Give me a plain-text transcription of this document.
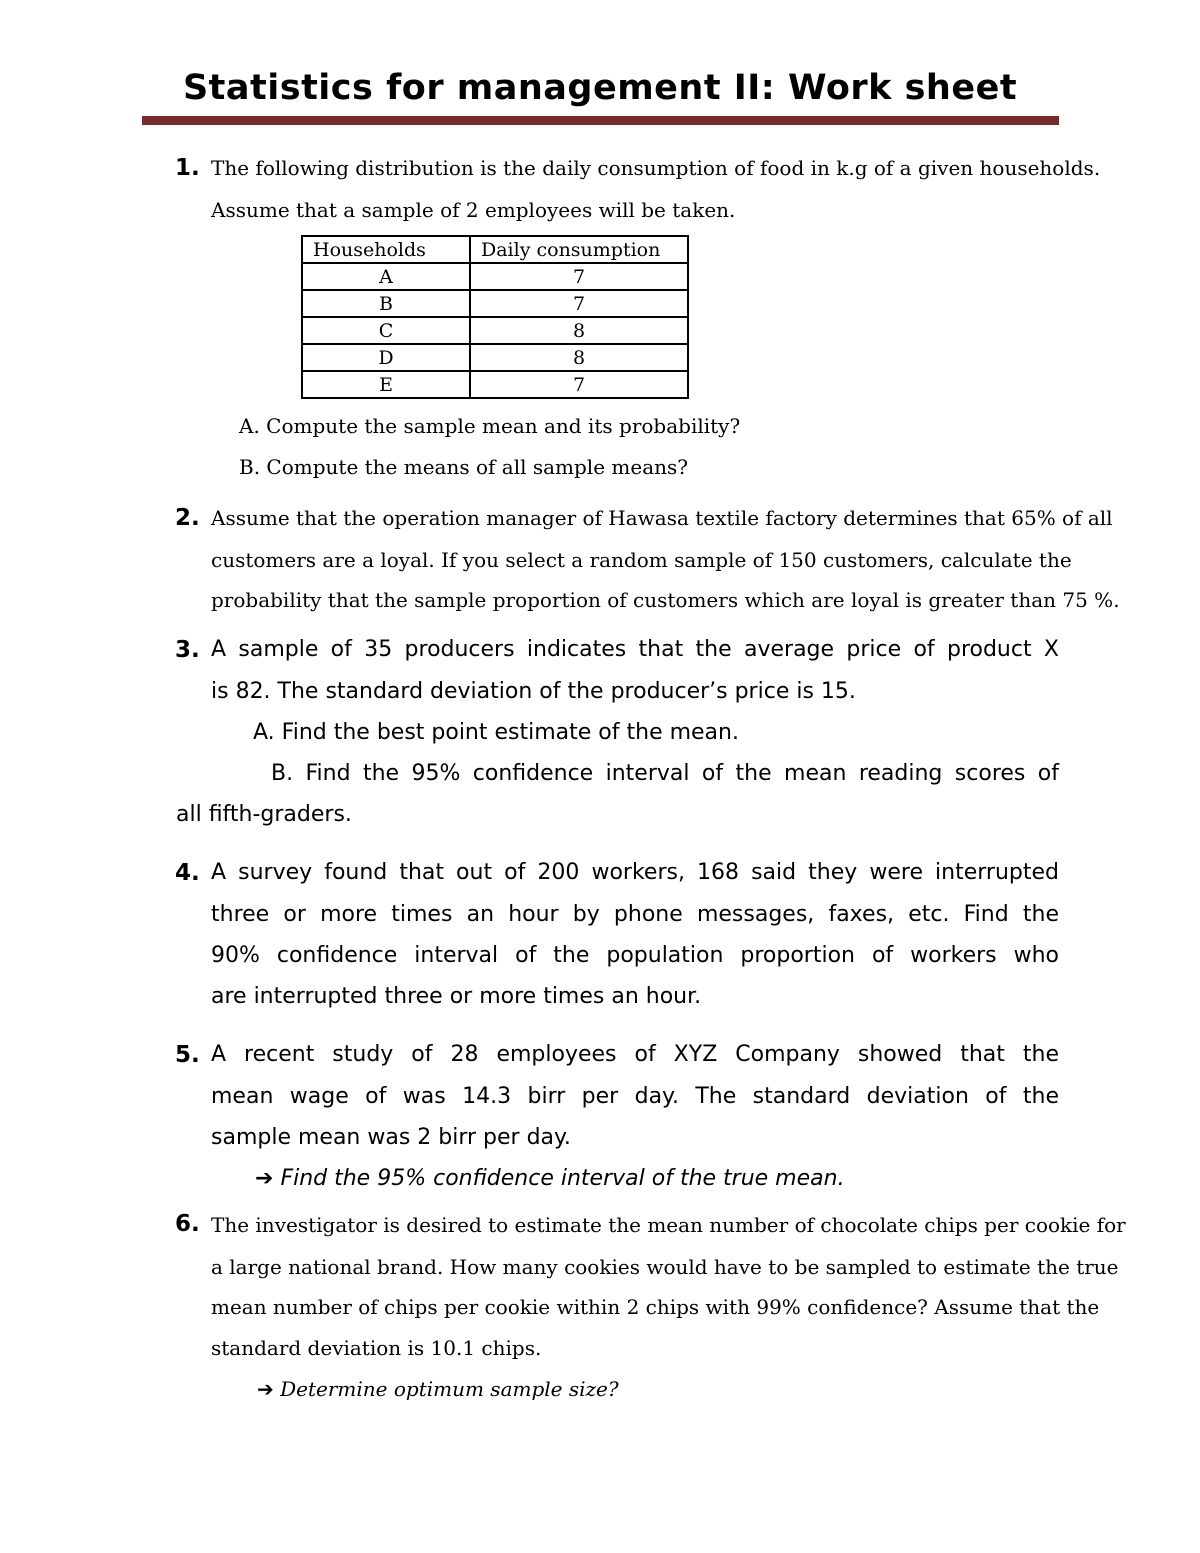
Statistics for management II: Work sheet
1. The following distribution is the daily consumption of food in k.g of a given households.
Assume that a sample of 2 employees will be taken.
Households	Daily consumption
A	7
B	7
C	8
D	8
E	7
A. Compute the sample mean and its probability?
B. Compute the means of all sample means?
2. Assume that the operation manager of Hawasa textile factory determines that 65% of all
customers are a loyal. If you select a random sample of 150 customers, calculate the
probability that the sample proportion of customers which are loyal is greater than 75 %.
3. A sample of 35 producers indicates that the average price of product X
is 82. The standard deviation of the producer’s price is 15.
A. Find the best point estimate of the mean.
B. Find the 95% confidence interval of the mean reading scores of
all fifth-graders.
4. A survey found that out of 200 workers, 168 said they were interrupted
three or more times an hour by phone messages, faxes, etc. Find the
90% confidence interval of the population proportion of workers who
are interrupted three or more times an hour.
5. A recent study of 28 employees of XYZ Company showed that the
mean wage of was 14.3 birr per day. The standard deviation of the
sample mean was 2 birr per day.
➔ Find the 95% confidence interval of the true mean.
6. The investigator is desired to estimate the mean number of chocolate chips per cookie for
a large national brand. How many cookies would have to be sampled to estimate the true
mean number of chips per cookie within 2 chips with 99% confidence? Assume that the
standard deviation is 10.1 chips.
➔ Determine optimum sample size?
